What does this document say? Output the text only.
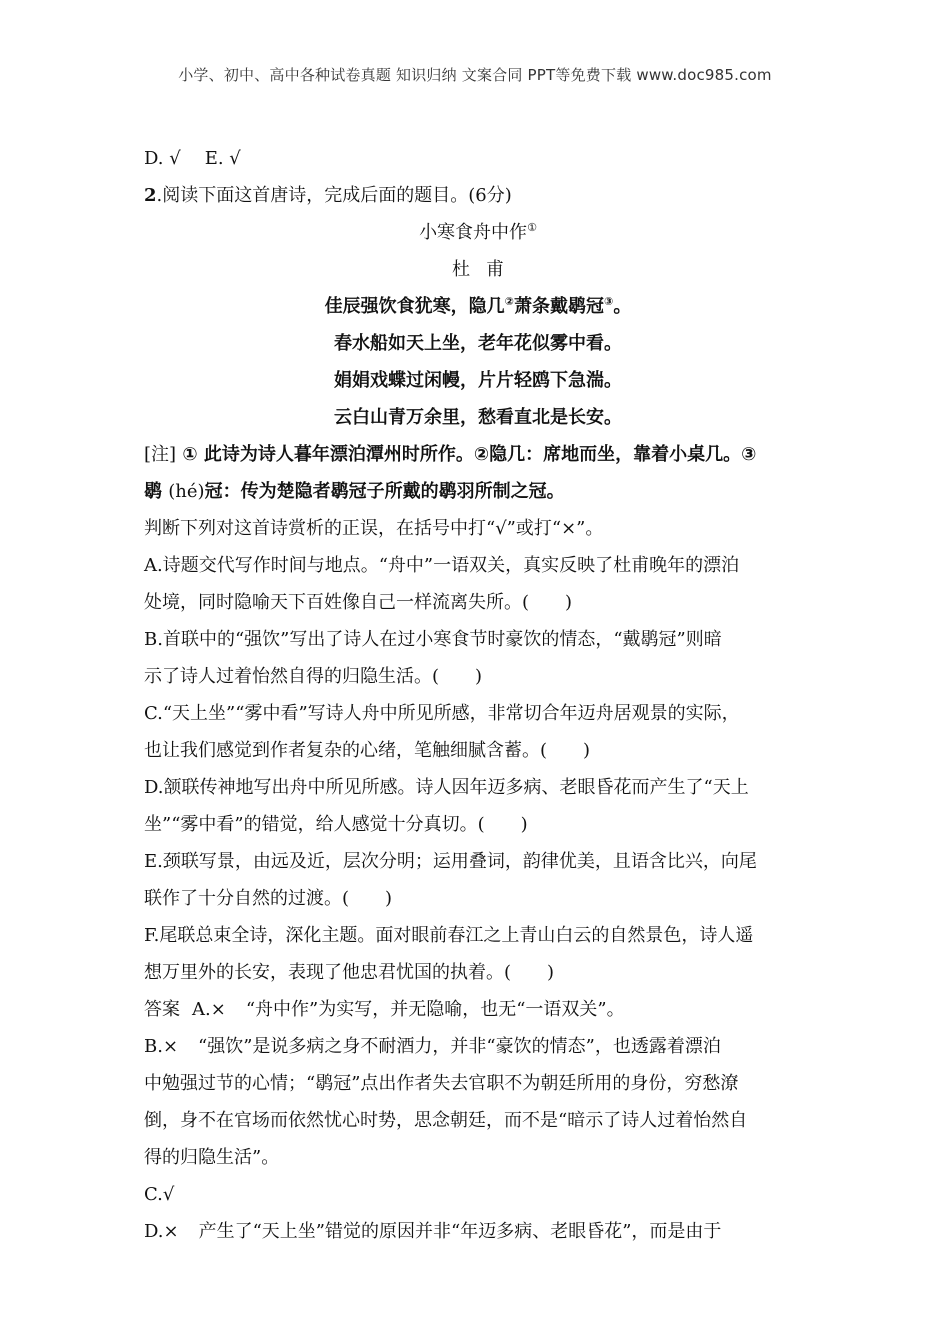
小学、初中、高中各种试卷真题 知识归纳 文案合同 PPT等免费下载 www.doc985.com
D. √ E. √
2.阅读下面这首唐诗，完成后面的题目。(6分)
小寒食舟中作①
杜甫
佳辰强饮食犹寒，隐几②萧条戴鹖冠③。
春水船如天上坐，老年花似雾中看。
娟娟戏蝶过闲幔，片片轻鸥下急湍。
云白山青万余里，愁看直北是长安。
[注] ① 此诗为诗人暮年漂泊潭州时所作。②隐几：席地而坐，靠着小桌几。③
鹖 (hé)冠：传为楚隐者鹖冠子所戴的鹖羽所制之冠。
判断下列对这首诗赏析的正误，在括号中打“√”或打“×”。
A.诗题交代写作时间与地点。“舟中”一语双关，真实反映了杜甫晚年的漂泊
处境，同时隐喻天下百姓像自己一样流离失所。(　　)
B.首联中的“强饮”写出了诗人在过小寒食节时豪饮的情态，“戴鹖冠”则暗
示了诗人过着怡然自得的归隐生活。(　　)
C.“天上坐”“雾中看”写诗人舟中所见所感，非常切合年迈舟居观景的实际，
也让我们感觉到作者复杂的心绪，笔触细腻含蓄。(　　)
D.颔联传神地写出舟中所见所感。诗人因年迈多病、老眼昏花而产生了“天上
坐”“雾中看”的错觉，给人感觉十分真切。(　　)
E.颈联写景，由远及近，层次分明；运用叠词，韵律优美，且语含比兴，向尾
联作了十分自然的过渡。(　　)
F.尾联总束全诗，深化主题。面对眼前春江之上青山白云的自然景色，诗人遥
想万里外的长安，表现了他忠君忧国的执着。(　　)
答案 A.× “舟中作”为实写，并无隐喻，也无“一语双关”。
B.× “强饮”是说多病之身不耐酒力，并非“豪饮的情态”，也透露着漂泊
中勉强过节的心情；“鹖冠”点出作者失去官职不为朝廷所用的身份，穷愁潦
倒，身不在官场而依然忧心时势，思念朝廷，而不是“暗示了诗人过着怡然自
得的归隐生活”。
C.√
D.× 产生了“天上坐”错觉的原因并非“年迈多病、老眼昏花”，而是由于
